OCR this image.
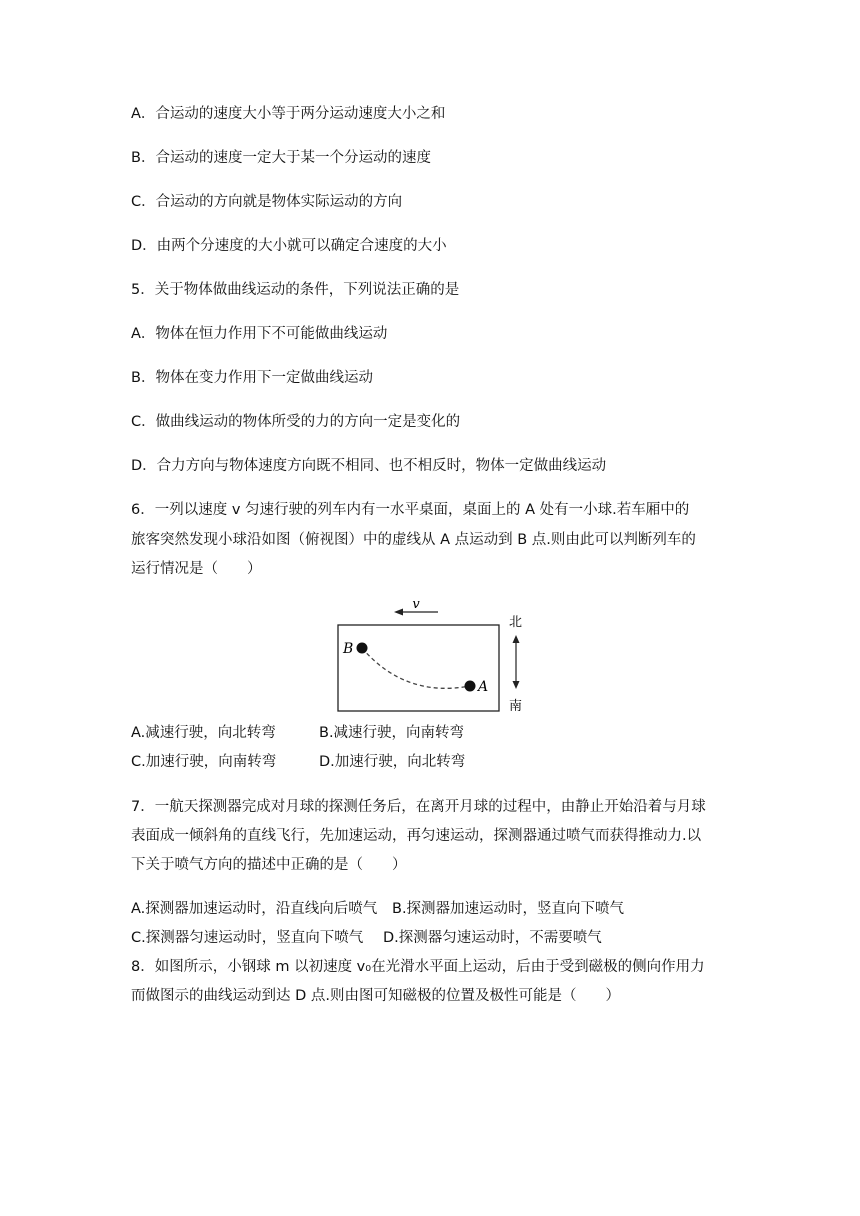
A．合运动的速度大小等于两分运动速度大小之和
B．合运动的速度一定大于某一个分运动的速度
C．合运动的方向就是物体实际运动的方向
D．由两个分速度的大小就可以确定合速度的大小
5．关于物体做曲线运动的条件，下列说法正确的是
A．物体在恒力作用下不可能做曲线运动
B．物体在变力作用下一定做曲线运动
C．做曲线运动的物体所受的力的方向一定是变化的
D．合力方向与物体速度方向既不相同、也不相反时，物体一定做曲线运动
6．一列以速度 v 匀速行驶的列车内有一水平桌面，桌面上的 A 处有一小球.若车厢中的
旅客突然发现小球沿如图（俯视图）中的虚线从 A 点运动到 B 点.则由此可以判断列车的
运行情况是（　　）
v
B
A
北
南
A.减速行驶，向北转弯	B.减速行驶，向南转弯
C.加速行驶，向南转弯	D.加速行驶，向北转弯
7．一航天探测器完成对月球的探测任务后，在离开月球的过程中，由静止开始沿着与月球
表面成一倾斜角的直线飞行，先加速运动，再匀速运动，探测器通过喷气而获得推动力.以
下关于喷气方向的描述中正确的是（　　）
A.探测器加速运动时，沿直线向后喷气 B.探测器加速运动时，竖直向下喷气
C.探测器匀速运动时，竖直向下喷气 D.探测器匀速运动时，不需要喷气
8．如图所示，小钢球 m 以初速度 v₀在光滑水平面上运动，后由于受到磁极的侧向作用力
而做图示的曲线运动到达 D 点.则由图可知磁极的位置及极性可能是（　　）
